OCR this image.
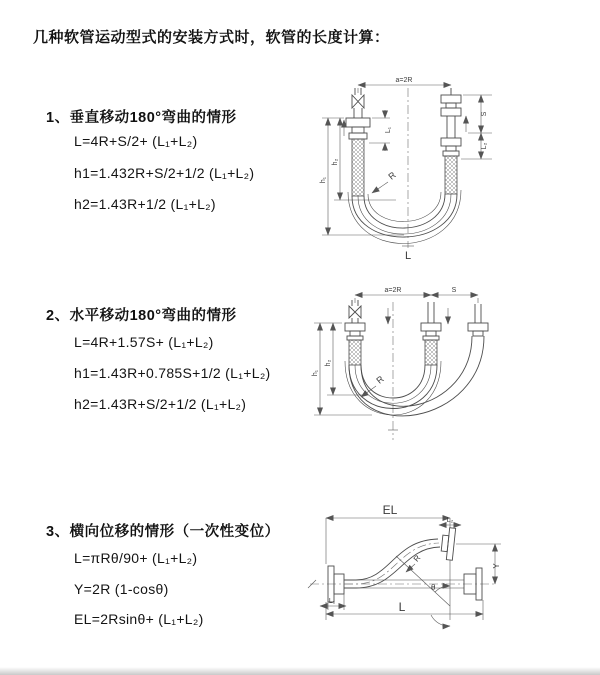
几种软管运动型式的安装方式时，软管的长度计算：
1、垂直移动180°弯曲的情形
L=4R+S/2+ (L₁+L₂)
h1=1.432R+S/2+1/2 (L₁+L₂)
h2=1.43R+1/2 (L₁+L₂)
2、水平移动180°弯曲的情形
L=4R+1.57S+ (L₁+L₂)
h1=1.43R+0.785S+1/2 (L₁+L₂)
h2=1.43R+S/2+1/2 (L₁+L₂)
3、横向位移的情形（一次性变位）
L=πRθ/90+ (L₁+L₂)
Y=2R (1-cosθ)
EL=2Rsinθ+ (L₁+L₂)
a=2R
L₁
S
L₂
h₁
h₂
R
L
a=2R	S
h₁
h₂
R
EL
L₂
θ
R
Y
L
L₁
